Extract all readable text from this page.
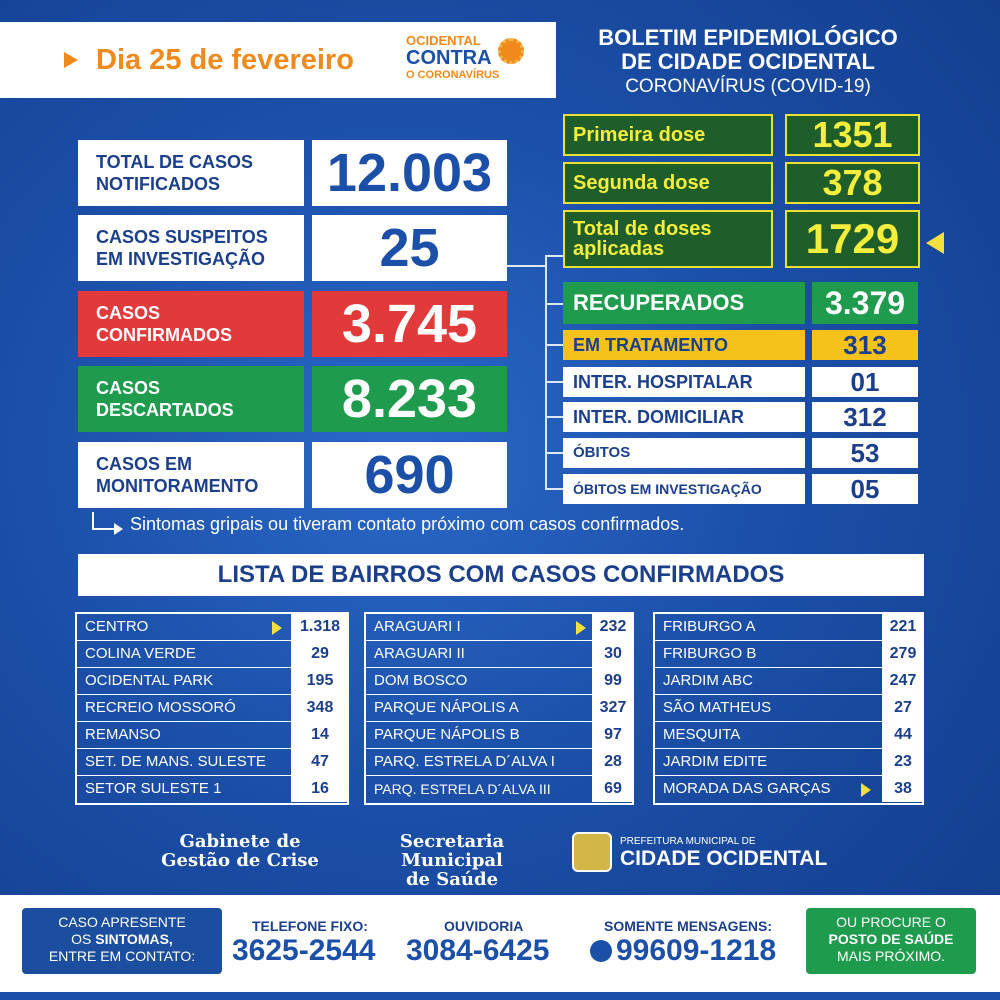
Dia 25 de fevereiro
OCIDENTAL
CONTRA
O CORONAVÍRUS
BOLETIM EPIDEMIOLÓGICO
DE CIDADE OCIDENTAL
CORONAVÍRUS (COVID-19)
TOTAL DE CASOS
NOTIFICADOS	12.003
CASOS SUSPEITOS
EM INVESTIGAÇÃO	25
CASOS
CONFIRMADOS	3.745
CASOS
DESCARTADOS	8.233
CASOS EM
MONITORAMENTO	690
Primeira dose	1351
Segunda dose	378
Total de doses
aplicadas	1729
RECUPERADOS	3.379
EM TRATAMENTO	313
INTER. HOSPITALAR	01
INTER. DOMICILIAR	312
ÓBITOS	53
ÓBITOS EM INVESTIGAÇÃO	05
Sintomas gripais ou tiveram contato próximo com casos confirmados.
LISTA DE BAIRROS COM CASOS CONFIRMADOS
CENTRO	1.318
COLINA VERDE	29
OCIDENTAL PARK	195
RECREIO MOSSORÓ	348
REMANSO	14
SET. DE MANS. SULESTE	47
SETOR SULESTE 1	16
ARAGUARI I	232
ARAGUARI II	30
DOM BOSCO	99
PARQUE NÁPOLIS A	327
PARQUE NÁPOLIS B	97
PARQ. ESTRELA D´ALVA I	28
PARQ. ESTRELA D´ALVA III	69
FRIBURGO A	221
FRIBURGO B	279
JARDIM ABC	247
SÃO MATHEUS	27
MESQUITA	44
JARDIM EDITE	23
MORADA DAS GARÇAS	38
Gabinete de
Gestão de Crise
Secretaria Municipal
de Saúde
PREFEITURA MUNICIPAL DE
CIDADE OCIDENTAL
CASO APRESENTE
OS SINTOMAS,
ENTRE EM CONTATO:
TELEFONE FIXO:
3625-2544
OUVIDORIA
3084-6425
SOMENTE MENSAGENS:
99609-1218
OU PROCURE O
POSTO DE SAÚDE
MAIS PRÓXIMO.
